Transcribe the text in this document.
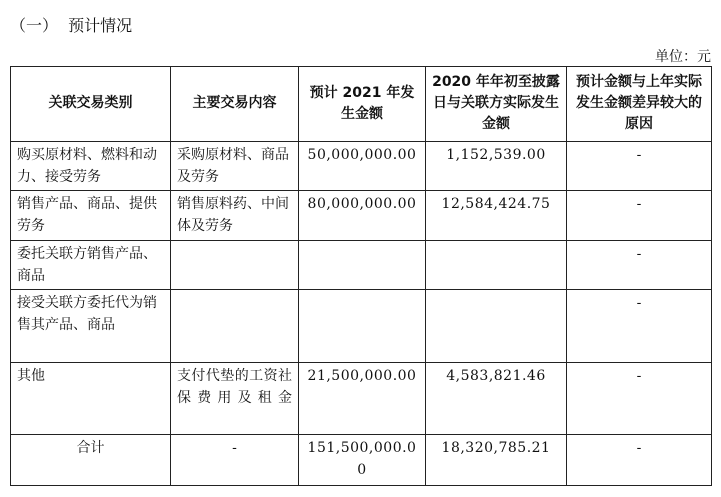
（一）  预计情况
单位：元
关联交易类别	主要交易内容	预计 2021 年发生金额	2020 年年初至披露日与关联方实际发生金额	预计金额与上年实际发生金额差异较大的原因
购买原材料、燃料和动力、接受劳务	采购原材料、商品及劳务	50,000,000.00	1,152,539.00	-
销售产品、商品、提供劳务	销售原料药、中间体及劳务	80,000,000.00	12,584,424.75	-
委托关联方销售产品、商品				-
接受关联方委托代为销售其产品、商品				-
其他	支付代垫的工资社保费用及租金	21,500,000.00	4,583,821.46	-
合计	-	151,500,000.00	18,320,785.21	-
